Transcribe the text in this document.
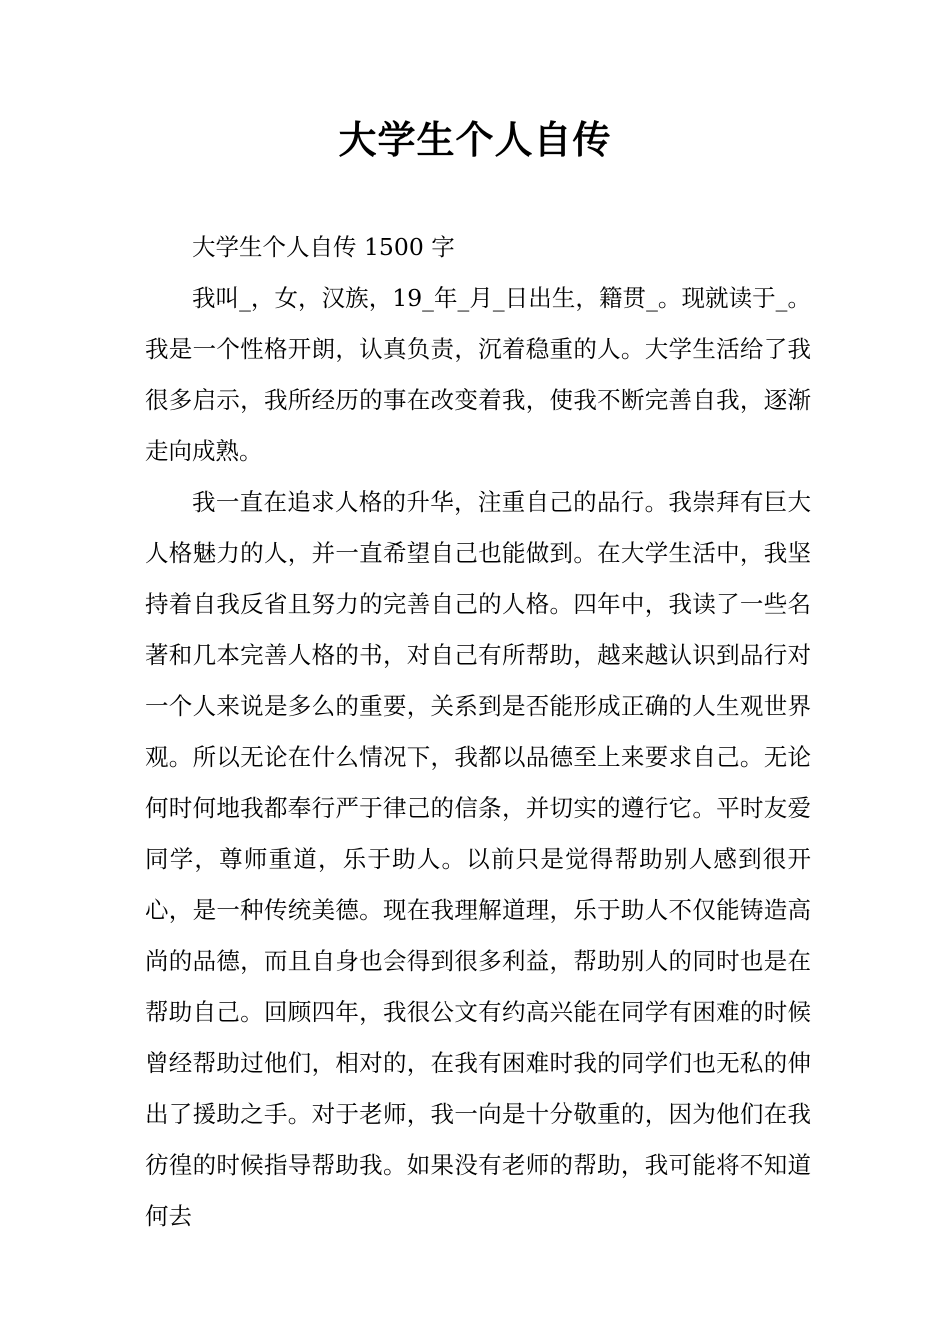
大学生个人自传

大学生个人自传 1500 字

我叫_，女，汉族，19_年_月_日出生，籍贯_。现就读于_。我是一个性格开朗，认真负责，沉着稳重的人。大学生活给了我很多启示，我所经历的事在改变着我，使我不断完善自我，逐渐走向成熟。

我一直在追求人格的升华，注重自己的品行。我崇拜有巨大人格魅力的人，并一直希望自己也能做到。在大学生活中，我坚持着自我反省且努力的完善自己的人格。四年中，我读了一些名著和几本完善人格的书，对自己有所帮助，越来越认识到品行对一个人来说是多么的重要，关系到是否能形成正确的人生观世界观。所以无论在什么情况下，我都以品德至上来要求自己。无论何时何地我都奉行严于律己的信条，并切实的遵行它。平时友爱同学，尊师重道，乐于助人。以前只是觉得帮助别人感到很开心，是一种传统美德。现在我理解道理，乐于助人不仅能铸造高尚的品德，而且自身也会得到很多利益，帮助别人的同时也是在帮助自己。回顾四年，我很公文有约高兴能在同学有困难的时候曾经帮助过他们，相对的，在我有困难时我的同学们也无私的伸出了援助之手。对于老师，我一向是十分敬重的，因为他们在我彷徨的时候指导帮助我。如果没有老师的帮助，我可能将不知道何去
